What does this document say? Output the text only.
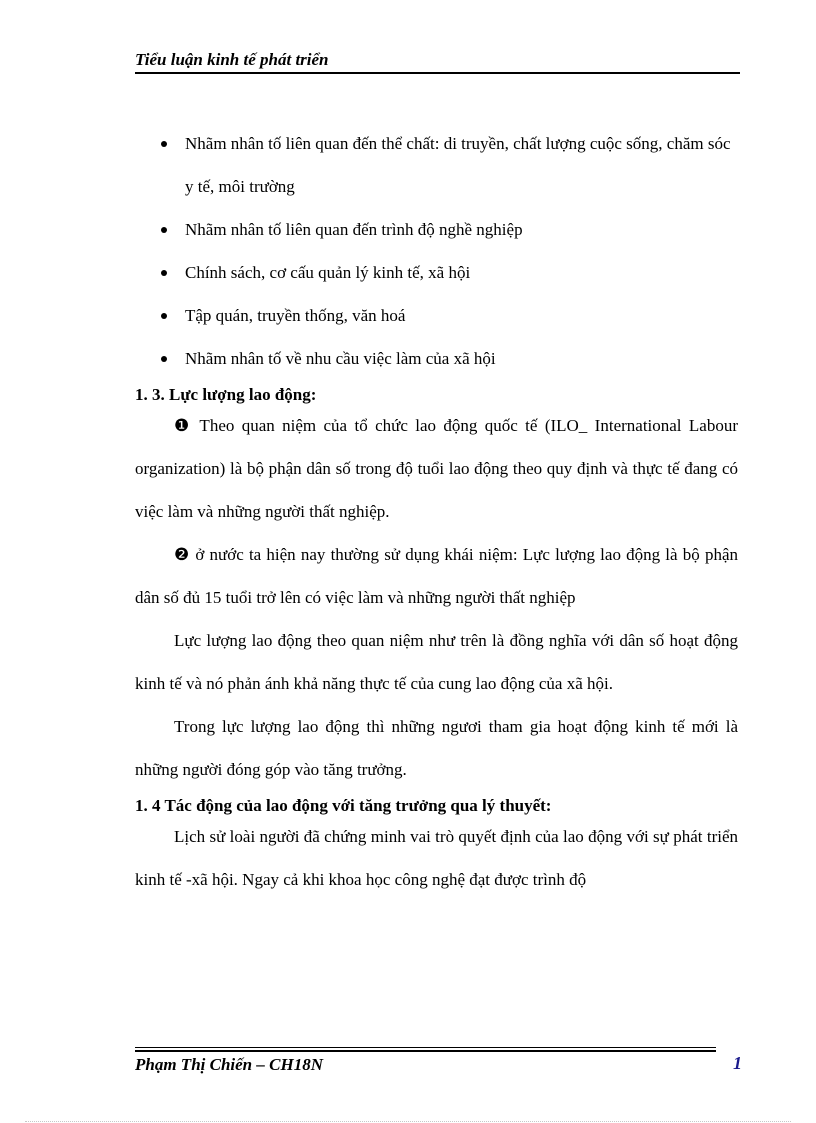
Tiểu luận kinh tế phát triển
Nhãm nhân tố liên quan đến thể chất: di truyền, chất lượng cuộc sống, chăm sóc y tế, môi trường
Nhãm nhân tố liên quan đến trình độ nghề nghiệp
Chính sách, cơ cấu quản lý kinh tế, xã hội
Tập quán, truyền thống, văn hoá
Nhãm nhân tố về nhu cầu việc làm của xã hội

1. 3. Lực lượng lao động:

❶ Theo quan niệm của tổ chức lao động quốc tế (ILO_ International Labour organization) là bộ phận dân số trong độ tuổi lao động theo quy định và thực tế đang có việc làm và những người thất nghiệp.

❷ ở nước ta hiện nay thường sử dụng khái niệm: Lực lượng lao động là bộ phận dân số đủ 15 tuổi trở lên có việc làm và những người thất nghiệp

Lực lượng lao động theo quan niệm như trên là đồng nghĩa với dân số hoạt động kinh tế và nó phản ánh khả năng thực tế của cung lao động của xã hội.

Trong lực lượng lao động thì những ngươi tham gia hoạt động kinh tế mới là những người đóng góp vào tăng trưởng.

1. 4 Tác động của lao động với tăng trưởng qua lý thuyết:

Lịch sử loài người đã chứng minh vai trò quyết định của lao động với sự phát triển kinh tế -xã hội. Ngay cả khi khoa học công nghệ đạt được trình độ

Phạm Thị Chiến – CH18N	1
